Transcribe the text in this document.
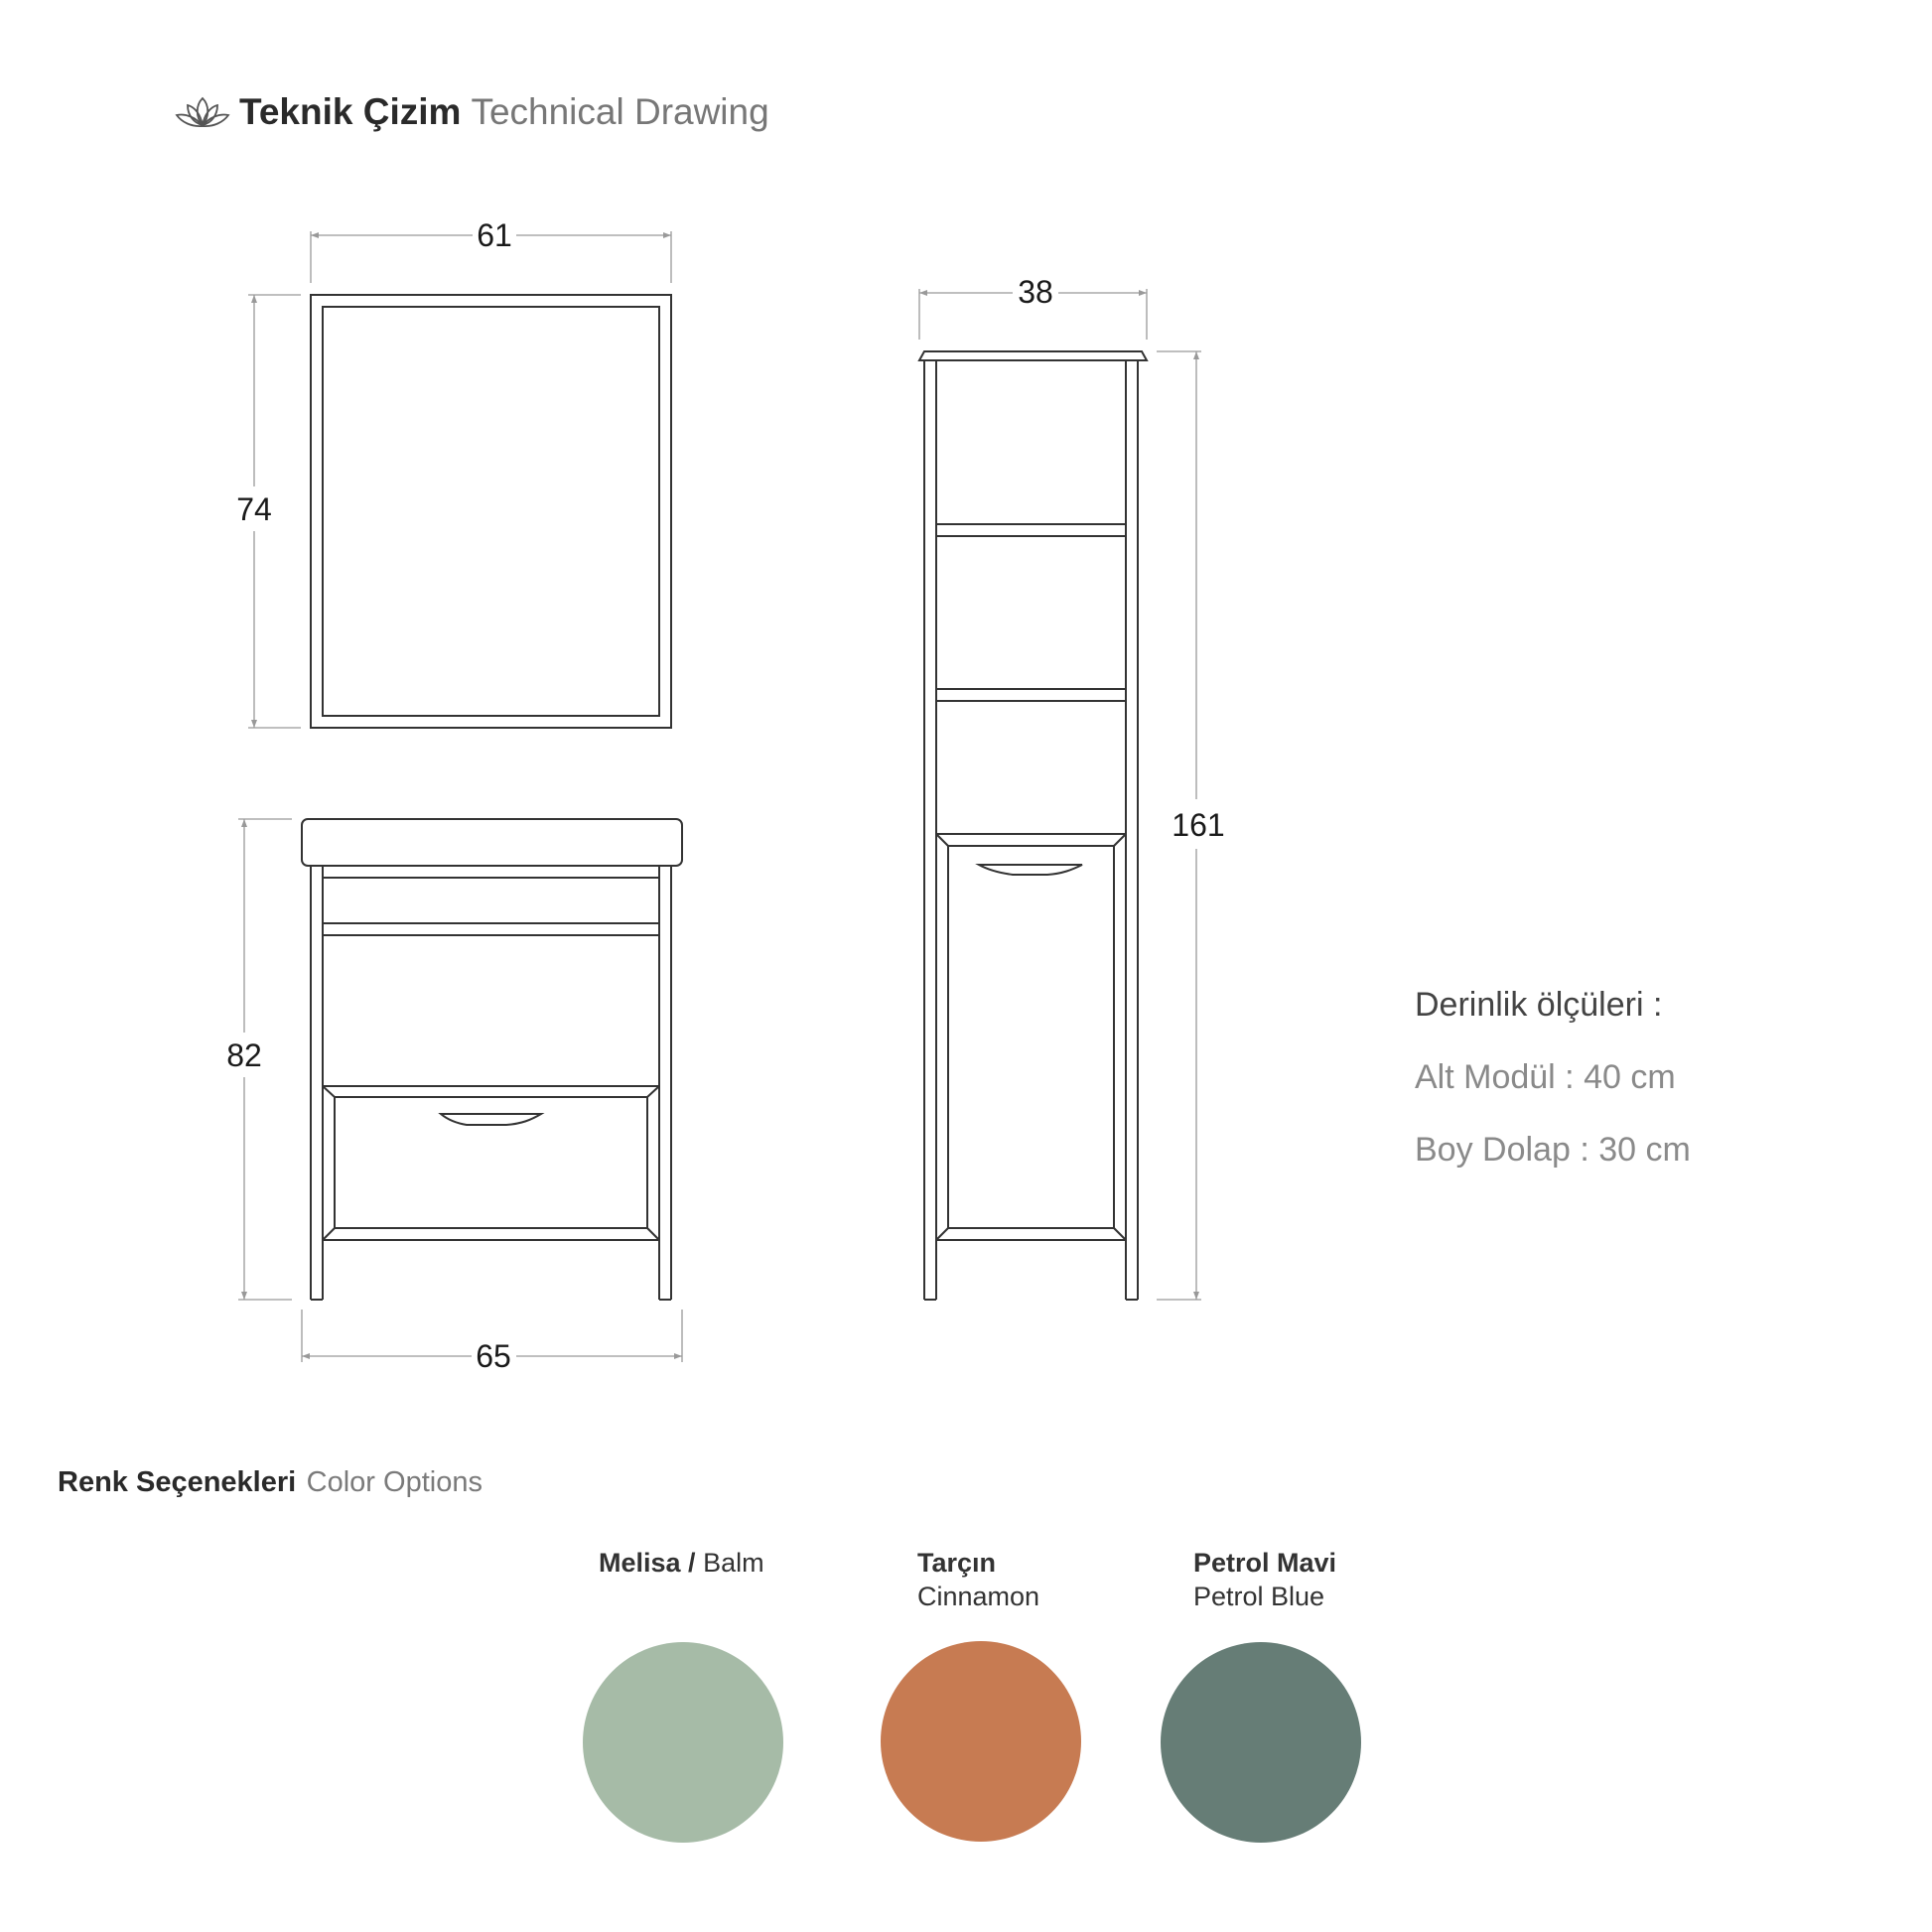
Teknik Çizim Technical Drawing
61
74
82
65
38
161
Derinlik ölçüleri :
Alt Modül : 40 cm
Boy Dolap : 30 cm
Renk Seçenekleri Color Options
Melisa / Balm	Tarçın
Cinnamon
Petrol Mavi
Petrol Blue
